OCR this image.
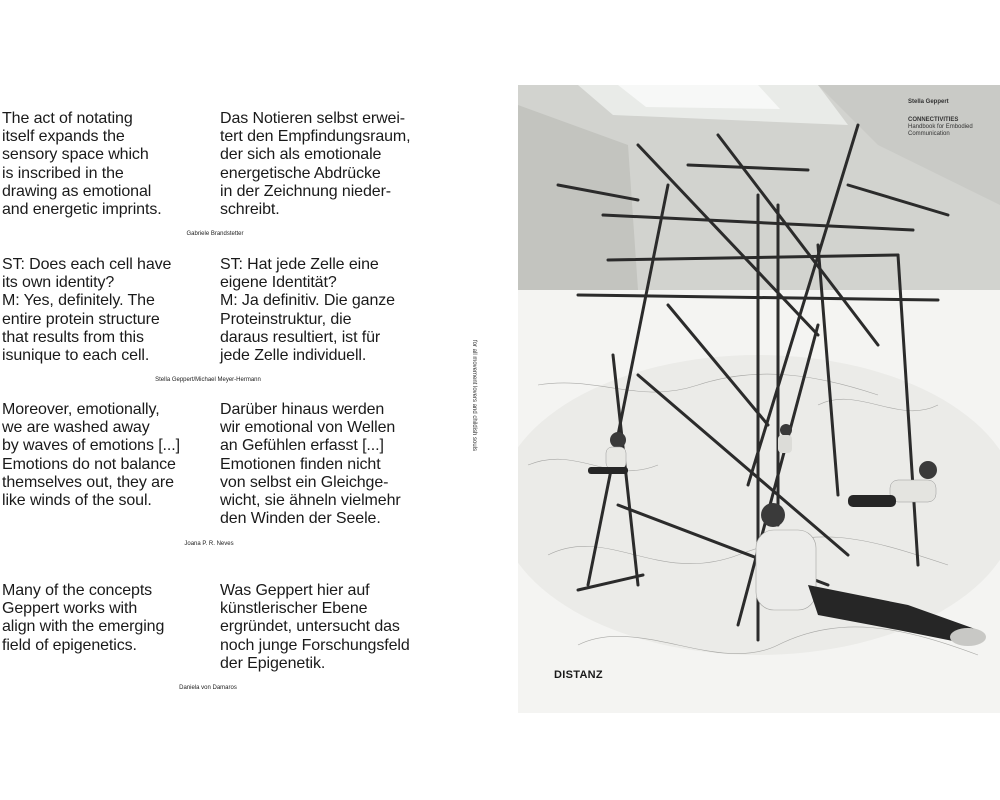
The act of notating
itself expands the
sensory space which
is inscribed in the
drawing as emotional
and energetic imprints.

Das Notieren selbst erwei-
tert den Empfindungsraum,
der sich als emotionale
energetische Abdrücke
in der Zeichnung nieder-
schreibt.

Gabriele Brandstetter

ST: Does each cell have
its own identity?
M: Yes, definitely. The
entire protein structure
that results from this
isunique to each cell.

ST: Hat jede Zelle eine
eigene Identität?
M: Ja definitiv. Die ganze
Proteinstruktur, die
daraus resultiert, ist für
jede Zelle individuell.

Stella Geppert/Michael Meyer-Hermann

Moreover, emotionally,
we are washed away
by waves of emotions [...]
Emotions do not balance
themselves out, they are
like winds of the soul.

Darüber hinaus werden
wir emotional von Wellen
an Gefühlen erfasst [...]
Emotionen finden nicht
von selbst ein Gleichge-
wicht, sie ähneln vielmehr
den Winden der Seele.

Joana P. R. Neves

Many of the concepts
Geppert works with
align with the emerging
field of epigenetics.

Was Geppert hier auf
künstlerischer Ebene
ergründet, untersucht das
noch junge Forschungsfeld
der Epigenetik.

Daniela von Damaros

for all movement lovers and childish souls
Stella Geppert
CONNECTIVITIES
Handbook for Embodied
Communication
DISTANZ
